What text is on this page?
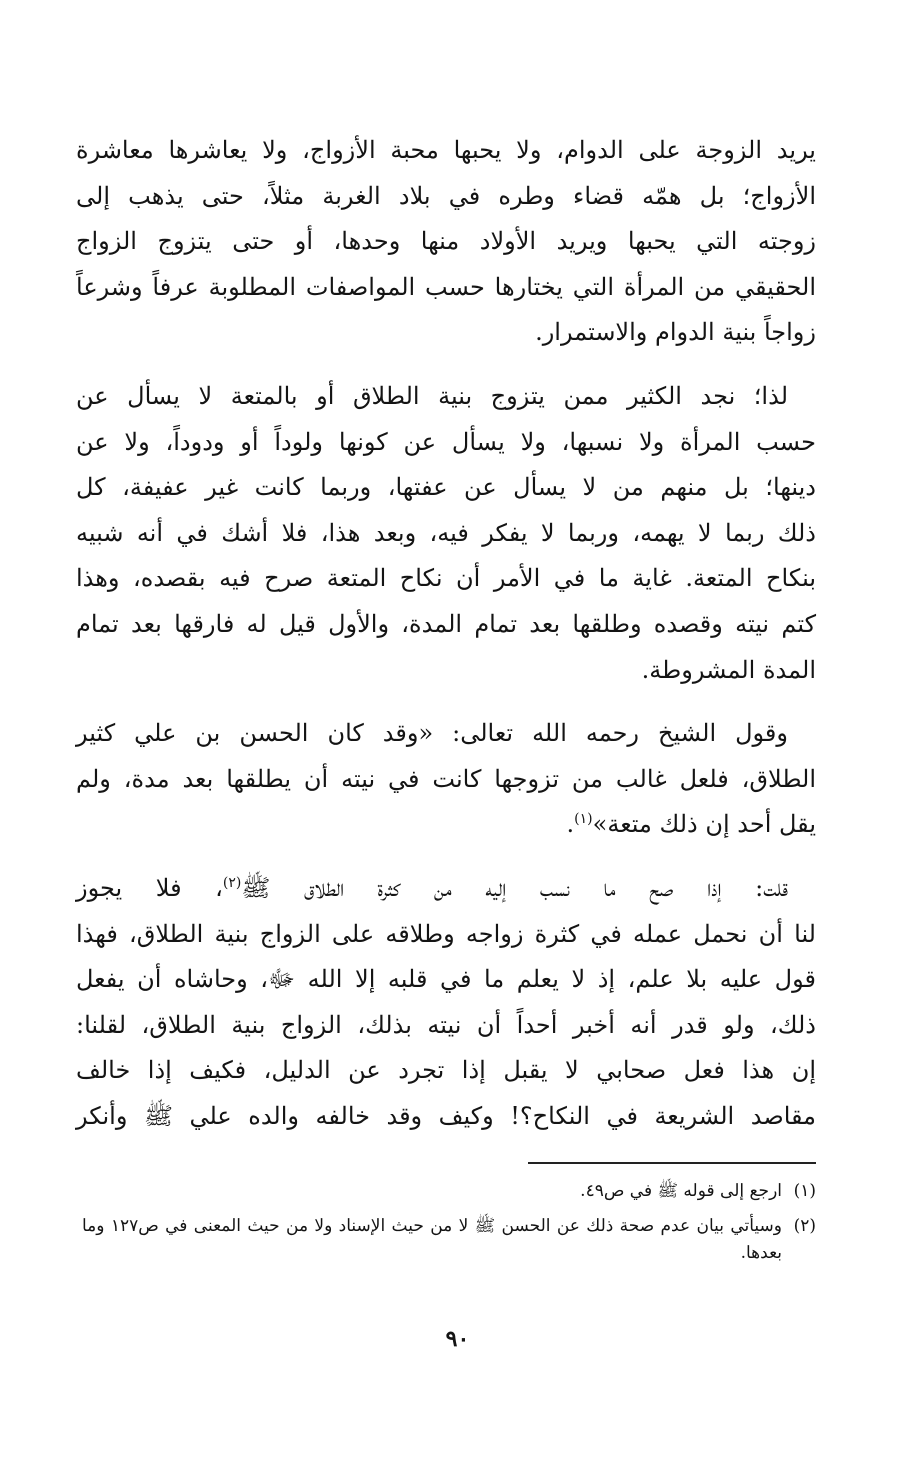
يريد الزوجة على الدوام، ولا يحبها محبة الأزواج، ولا يعاشرها معاشرة
الأزواج؛ بل همّه قضاء وطره في بلاد الغربة مثلاً، حتى يذهب إلى
زوجته التي يحبها ويريد الأولاد منها وحدها، أو حتى يتزوج الزواج
الحقيقي من المرأة التي يختارها حسب المواصفات المطلوبة عرفاً وشرعاً
زواجاً بنية الدوام والاستمرار.

لذا؛ نجد الكثير ممن يتزوج بنية الطلاق أو بالمتعة لا يسأل عن
حسب المرأة ولا نسبها، ولا يسأل عن كونها ولوداً أو ودوداً، ولا عن
دينها؛ بل منهم من لا يسأل عن عفتها، وربما كانت غير عفيفة، كل
ذلك ربما لا يهمه، وربما لا يفكر فيه، وبعد هذا، فلا أشك في أنه شبيه
بنكاح المتعة. غاية ما في الأمر أن نكاح المتعة صرح فيه بقصده، وهذا
كتم نيته وقصده وطلقها بعد تمام المدة، والأول قيل له فارقها بعد تمام
المدة المشروطة.

وقول الشيخ رحمه الله تعالى: «وقد كان الحسن بن علي كثير
الطلاق، فلعل غالب من تزوجها كانت في نيته أن يطلقها بعد مدة، ولم
يقل أحد إن ذلك متعة»$^{(١)}$.

قلت: إذا صح ما نسب إليه من كثرة الطلاق ﷺ$^{(٢)}$، فلا يجوز
لنا أن نحمل عمله في كثرة زواجه وطلاقه على الزواج بنية الطلاق، فهذا
قول عليه بلا علم، إذ لا يعلم ما في قلبه إلا الله ﷻ، وحاشاه أن يفعل
ذلك، ولو قدر أنه أخبر أحداً أن نيته بذلك، الزواج بنية الطلاق، لقلنا:
إن هذا فعل صحابي لا يقبل إذا تجرد عن الدليل، فكيف إذا خالف
مقاصد الشريعة في النكاح؟! وكيف وقد خالفه والده علي ﷺ وأنكر

(١)
ارجع إلى قوله ﷺ في ص٤٩.
(٢)
وسيأتي بيان عدم صحة ذلك عن الحسن ﷺ لا من حيث الإسناد ولا من حيث المعنى في ص١٢٧ وما بعدها.
٩٠
